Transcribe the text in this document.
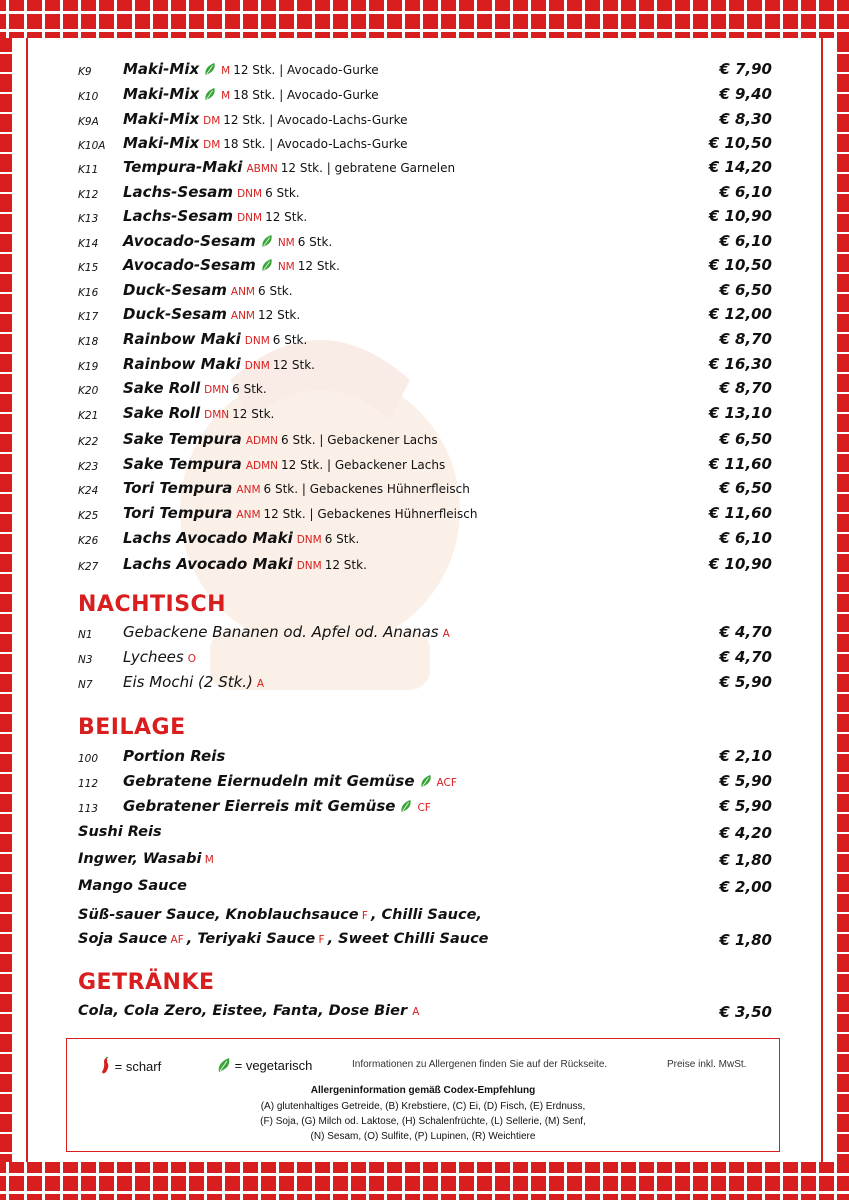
K9 Maki-Mix M 12 Stk. | Avocado-Gurke	€ 7,90
K10 Maki-Mix M 18 Stk. | Avocado-Gurke	€ 9,40
K9A Maki-Mix DM 12 Stk. | Avocado-Lachs-Gurke	€ 8,30
K10A Maki-Mix DM 18 Stk. | Avocado-Lachs-Gurke	€ 10,50
K11 Tempura-Maki ABMN 12 Stk. | gebratene Garnelen	€ 14,20
K12 Lachs-Sesam DNM 6 Stk.	€ 6,10
K13 Lachs-Sesam DNM 12 Stk.	€ 10,90
K14 Avocado-Sesam NM 6 Stk.	€ 6,10
K15 Avocado-Sesam NM 12 Stk.	€ 10,50
K16 Duck-Sesam ANM 6 Stk.	€ 6,50
K17 Duck-Sesam ANM 12 Stk.	€ 12,00
K18 Rainbow Maki DNM 6 Stk.	€ 8,70
K19 Rainbow Maki DNM 12 Stk.	€ 16,30
K20 Sake Roll DMN 6 Stk.	€ 8,70
K21 Sake Roll DMN 12 Stk.	€ 13,10
K22 Sake Tempura ADMN 6 Stk. | Gebackener Lachs	€ 6,50
K23 Sake Tempura ADMN 12 Stk. | Gebackener Lachs	€ 11,60
K24 Tori Tempura ANM 6 Stk. | Gebackenes Hühnerfleisch	€ 6,50
K25 Tori Tempura ANM 12 Stk. | Gebackenes Hühnerfleisch	€ 11,60
K26 Lachs Avocado Maki DNM 6 Stk.	€ 6,10
K27 Lachs Avocado Maki DNM 12 Stk.	€ 10,90
NACHTISCH
N1 Gebackene Bananen od. Apfel od. Ananas A	€ 4,70
N3 Lychees O	€ 4,70
N7 Eis Mochi (2 Stk.) A	€ 5,90
BEILAGE
100 Portion Reis	€ 2,10
112 Gebratene Eiernudeln mit Gemüse ACF	€ 5,90
113 Gebratener Eierreis mit Gemüse CF	€ 5,90
Sushi Reis	€ 4,20
Ingwer, Wasabi M	€ 1,80
Mango Sauce	€ 2,00
Süß-sauer Sauce, Knoblauchsauce F , Chilli Sauce,
Soja Sauce AF , Teriyaki Sauce F , Sweet Chilli Sauce	€ 1,80
GETRÄNKE
Cola, Cola Zero, Eistee, Fanta, Dose Bier A	€ 3,50
= scharf	= vegetarisch	Informationen zu Allergenen finden Sie auf der Rückseite.	Preise inkl. MwSt.
Allergeninformation gemäß Codex-Empfehlung
(A) glutenhaltiges Getreide, (B) Krebstiere, (C) Ei, (D) Fisch, (E) Erdnuss,
(F) Soja, (G) Milch od. Laktose, (H) Schalenfrüchte, (L) Sellerie, (M) Senf,
(N) Sesam, (O) Sulfite, (P) Lupinen, (R) Weichtiere
